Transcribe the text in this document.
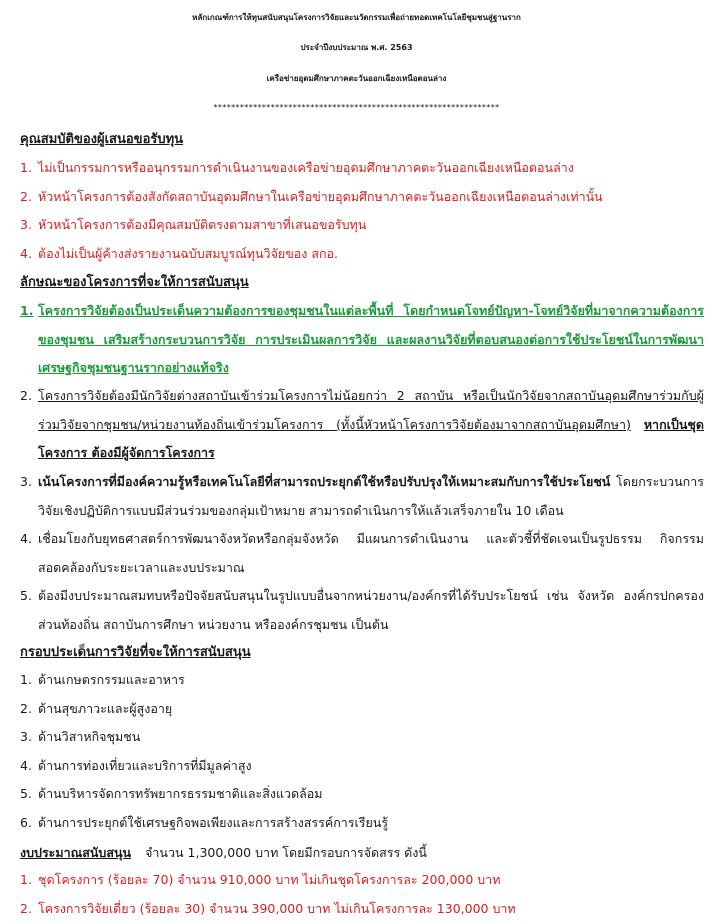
หลักเกณฑ์การให้ทุนสนับสนุนโครงการวิจัยและนวัตกรรมเพื่อถ่ายทอดเทคโนโลยีชุมชนสู่ฐานราก
ประจำปีงบประมาณ พ.ศ. 2563
เครือข่ายอุดมศึกษาภาคตะวันออกเฉียงเหนือตอนล่าง
*****************************************************************
คุณสมบัติของผู้เสนอขอรับทุน
1. ไม่เป็นกรรมการหรืออนุกรรมการดำเนินงานของเครือข่ายอุดมศึกษาภาคตะวันออกเฉียงเหนือตอนล่าง
2. หัวหน้าโครงการต้องสังกัดสถาบันอุดมศึกษาในเครือข่ายอุดมศึกษาภาคตะวันออกเฉียงเหนือตอนล่างเท่านั้น
3. หัวหน้าโครงการต้องมีคุณสมบัติตรงตามสาขาที่เสนอขอรับทุน
4. ต้องไม่เป็นผู้ค้างส่งรายงานฉบับสมบูรณ์ทุนวิจัยของ สกอ.
ลักษณะของโครงการที่จะให้การสนับสนุน
1. โครงการวิจัยต้องเป็นประเด็นความต้องการของชุมชนในแต่ละพื้นที่ โดยกำหนดโจทย์ปัญหา-โจทย์วิจัยที่มาจากความต้องการของชุมชน เสริมสร้างกระบวนการวิจัย การประเมินผลการวิจัย และผลงานวิจัยที่ตอบสนองต่อการใช้ประโยชน์ในการพัฒนาเศรษฐกิจชุมชนฐานรากอย่างแท้จริง
2. โครงการวิจัยต้องมีนักวิจัยต่างสถาบันเข้าร่วมโครงการไม่น้อยกว่า 2 สถาบัน หรือเป็นนักวิจัยจากสถาบันอุดมศึกษาร่วมกับผู้ร่วมวิจัยจากชุมชน/หน่วยงานท้องถิ่นเข้าร่วมโครงการ (ทั้งนี้หัวหน้าโครงการวิจัยต้องมาจากสถาบันอุดมศึกษา) หากเป็นชุดโครงการ ต้องมีผู้จัดการโครงการ
3. เน้นโครงการที่มีองค์ความรู้หรือเทคโนโลยีที่สามารถประยุกต์ใช้หรือปรับปรุงให้เหมาะสมกับการใช้ประโยชน์ โดยกระบวนการวิจัยเชิงปฏิบัติการแบบมีส่วนร่วมของกลุ่มเป้าหมาย สามารถดำเนินการให้แล้วเสร็จภายใน 10 เดือน
4. เชื่อมโยงกับยุทธศาสตร์การพัฒนาจังหวัดหรือกลุ่มจังหวัด มีแผนการดำเนินงาน และตัวชี้ที่ชัดเจนเป็นรูปธรรม กิจกรรมสอดคล้องกับระยะเวลาและงบประมาณ
5. ต้องมีงบประมาณสมทบหรือปัจจัยสนับสนุนในรูปแบบอื่นจากหน่วยงาน/องค์กรที่ได้รับประโยชน์ เช่น จังหวัด องค์กรปกครองส่วนท้องถิ่น สถาบันการศึกษา หน่วยงาน หรือองค์กรชุมชน เป็นต้น
กรอบประเด็นการวิจัยที่จะให้การสนับสนุน
1. ด้านเกษตรกรรมและอาหาร
2. ด้านสุขภาวะและผู้สูงอายุ
3. ด้านวิสาหกิจชุมชน
4. ด้านการท่องเที่ยวและบริการที่มีมูลค่าสูง
5. ด้านบริหารจัดการทรัพยากรธรรมชาติและสิ่งแวดล้อม
6. ด้านการประยุกต์ใช้เศรษฐกิจพอเพียงและการสร้างสรรค์การเรียนรู้
งบประมาณสนับสนุน จำนวน 1,300,000 บาท โดยมีกรอบการจัดสรร ดังนี้
1. ชุดโครงการ (ร้อยละ 70) จำนวน 910,000 บาท ไม่เกินชุดโครงการละ 200,000 บาท
2. โครงการวิจัยเดี่ยว (ร้อยละ 30) จำนวน 390,000 บาท ไม่เกินโครงการละ 130,000 บาท
